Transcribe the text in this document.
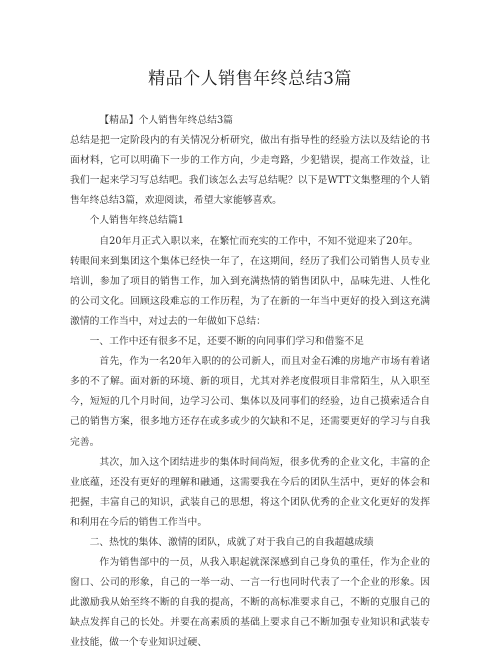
精品个人销售年终总结3篇

【精品】个人销售年终总结3篇

总结是把一定阶段内的有关情况分析研究，做出有指导性的经验方法以及结论的书面材料，它可以明确下一步的工作方向，少走弯路，少犯错误，提高工作效益，让我们一起来学习写总结吧。我们该怎么去写总结呢？以下是WTT文集整理的个人销售年终总结3篇，欢迎阅读，希望大家能够喜欢。

个人销售年终总结篇1

自20年月正式入职以来，在繁忙而充实的工作中，不知不觉迎来了20年。

转眼间来到集团这个集体已经快一年了，在这期间，经历了我们公司销售人员专业培训，参加了项目的销售工作，加入到充满热情的销售团队中，品味先进、人性化的公司文化。回顾这段难忘的工作历程，为了在新的一年当中更好的投入到这充满激情的工作当中，对过去的一年做如下总结：

一、工作中还有很多不足，还要不断的向同事们学习和借鉴不足

首先，作为一名20年入职的的公司新人，而且对金石滩的房地产市场有着诸多的不了解。面对新的环境、新的项目，尤其对养老度假项目非常陌生，从入职至今，短短的几个月时间，边学习公司、集体以及同事们的经验，边自己摸索适合自己的销售方案，很多地方还存在或多或少的欠缺和不足，还需要更好的学习与自我完善。

其次，加入这个团结进步的集体时间尚短，很多优秀的企业文化，丰富的企业底蕴，还没有更好的理解和融通，这需要我在今后的团队生活中，更好的体会和把握，丰富自己的知识，武装自己的思想，将这个团队优秀的企业文化更好的发挥和利用在今后的销售工作当中。

二、热忱的集体、激情的团队，成就了对于我自己的自我超越成绩

作为销售部中的一员，从我入职起就深深感到自己身负的重任，作为企业的窗口、公司的形象，自己的一举一动、一言一行也同时代表了一个企业的形象。因此激励我从始至终不断的自我的提高，不断的高标准要求自己，不断的克服自己的缺点发挥自己的长处。并要在高素质的基础上要求自己不断加强专业知识和武装专业技能，做一个专业知识过硬、
